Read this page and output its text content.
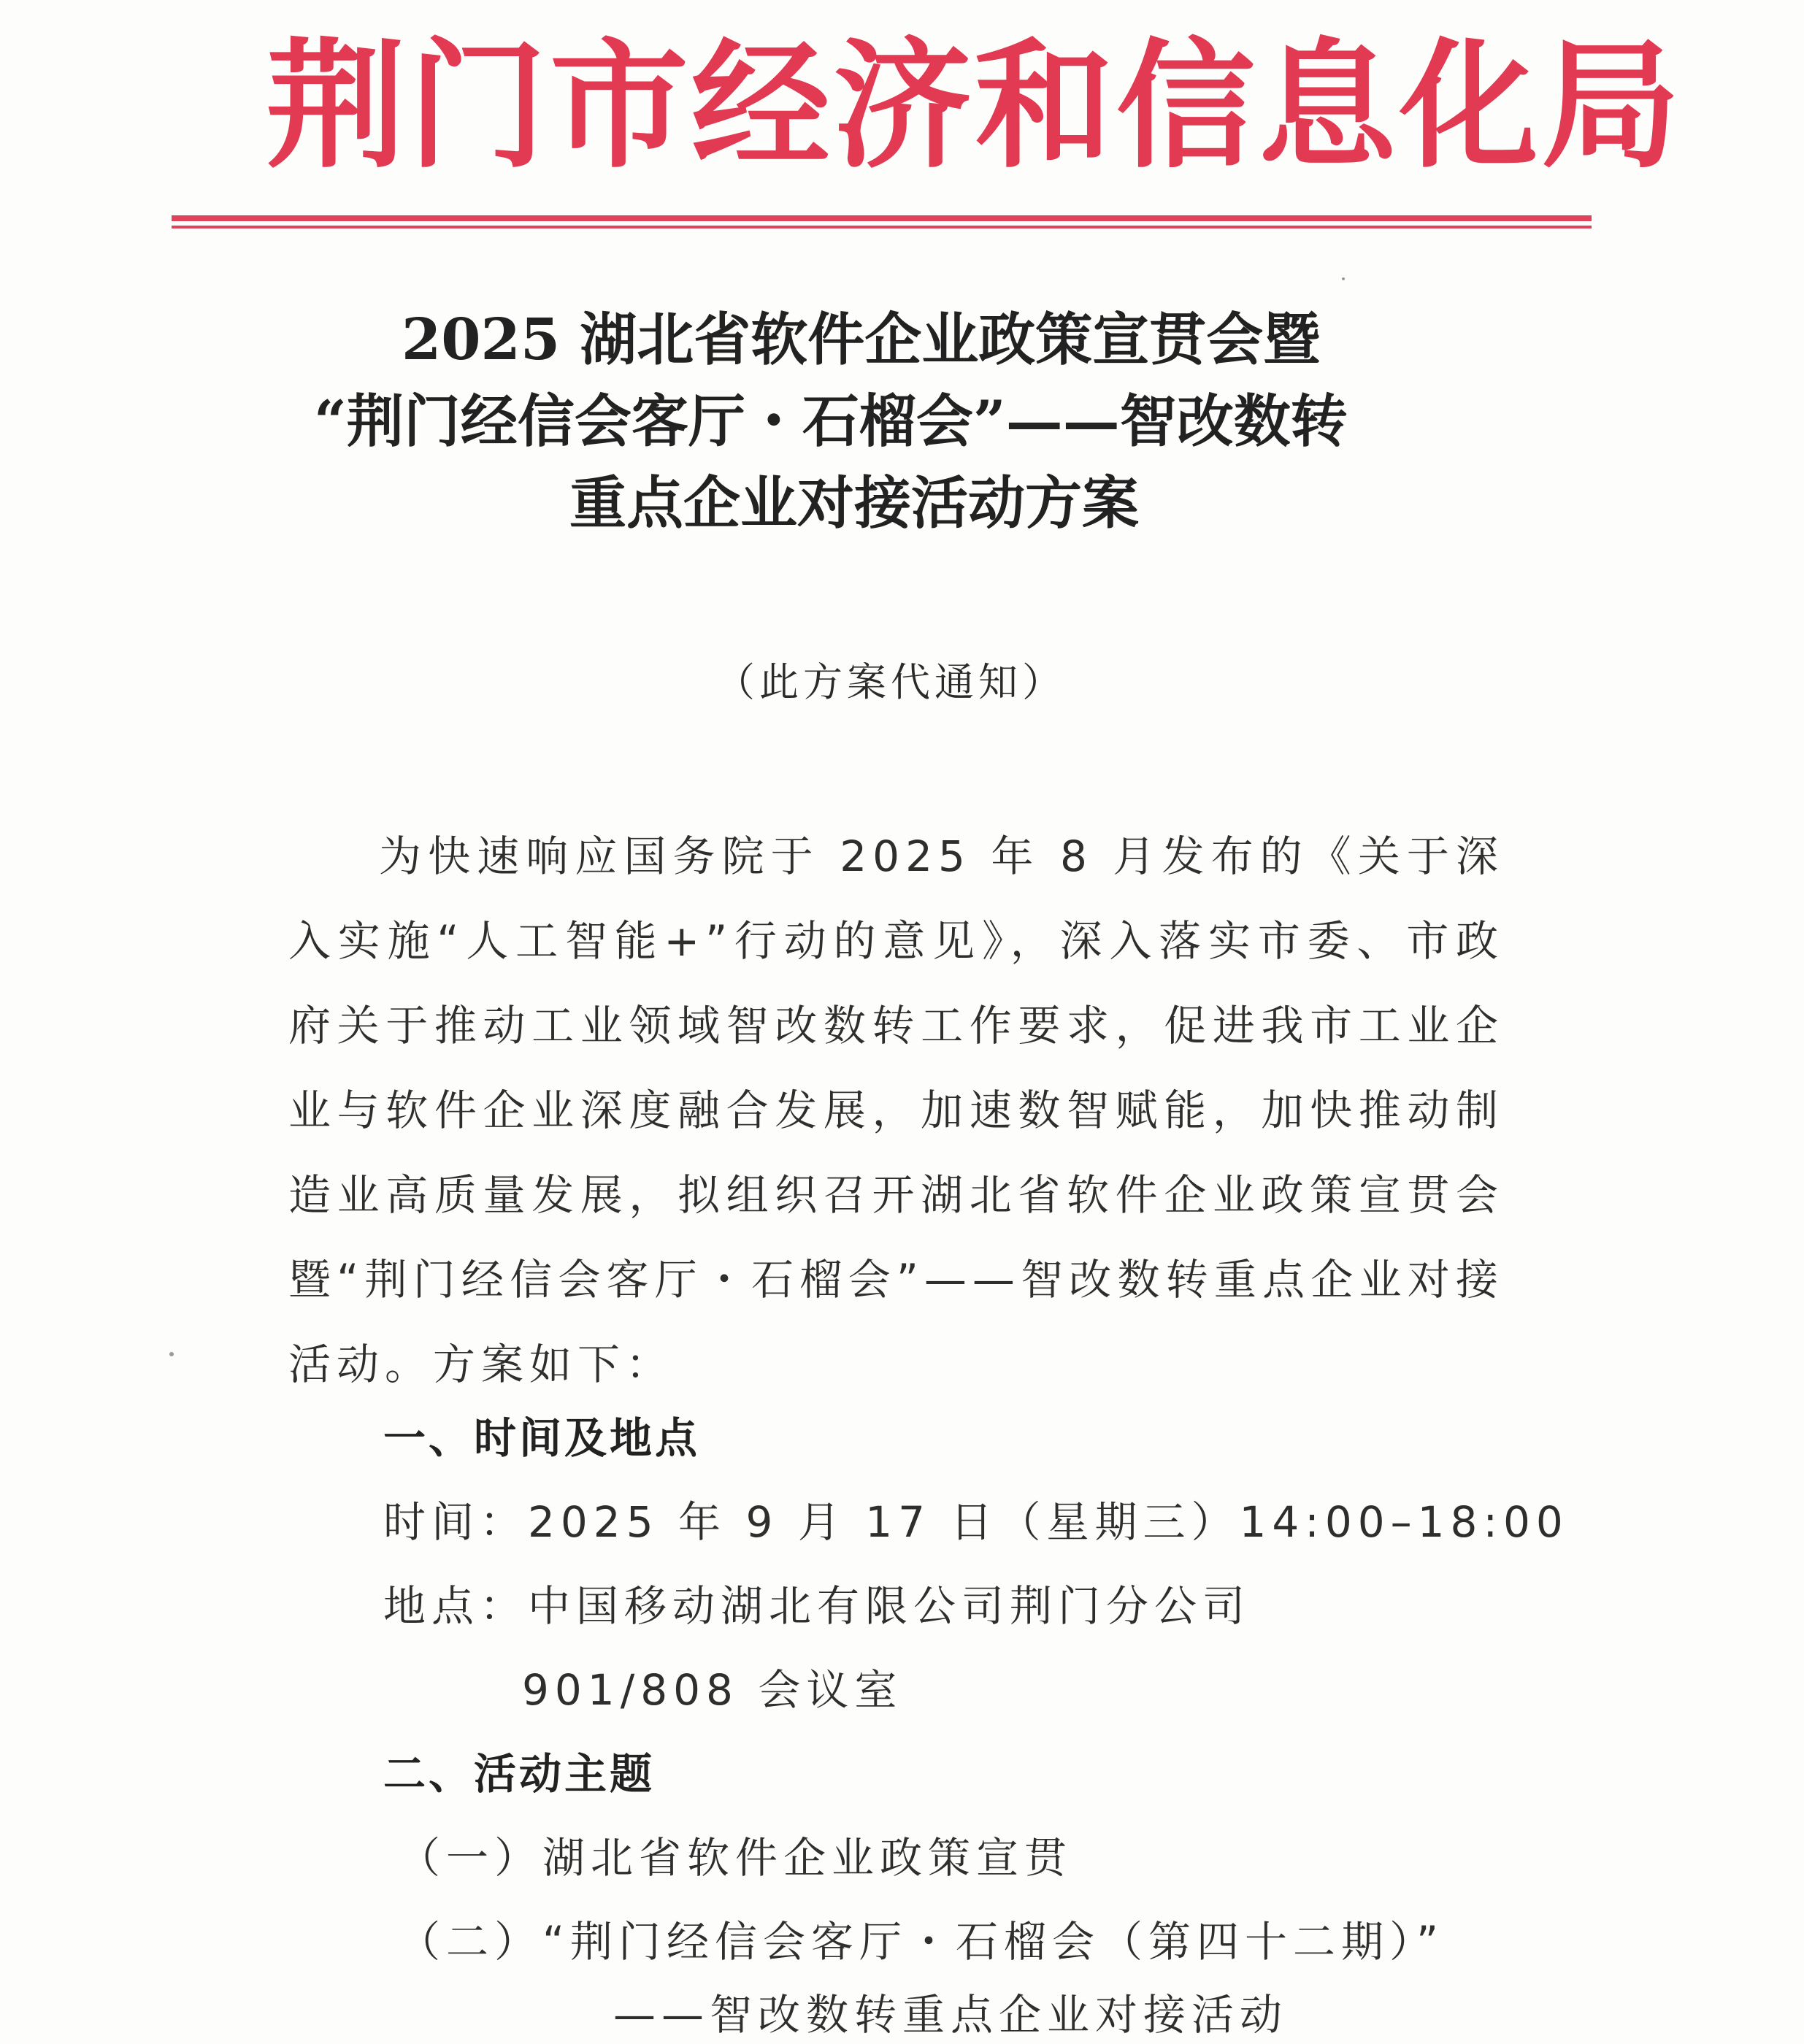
荆门市经济和信息化局
2025 湖北省软件企业政策宣贯会暨
“荆门经信会客厅・石榴会”——智改数转
重点企业对接活动方案
（此方案代通知）
为快速响应国务院于 2025 年 8 月发布的《关于深入实施“人工智能+”行动的意见》，深入落实市委、市政府关于推动工业领域智改数转工作要求，促进我市工业企业与软件企业深度融合发展，加速数智赋能，加快推动制造业高质量发展，拟组织召开湖北省软件企业政策宣贯会暨“荆门经信会客厅・石榴会”——智改数转重点企业对接活动。方案如下：
一、时间及地点
时间：2025 年 9 月 17 日（星期三）14:00–18:00
地点：中国移动湖北有限公司荆门分公司
901/808 会议室
二、活动主题
（一）湖北省软件企业政策宣贯
（二）“荆门经信会客厅・石榴会（第四十二期）”
——智改数转重点企业对接活动
